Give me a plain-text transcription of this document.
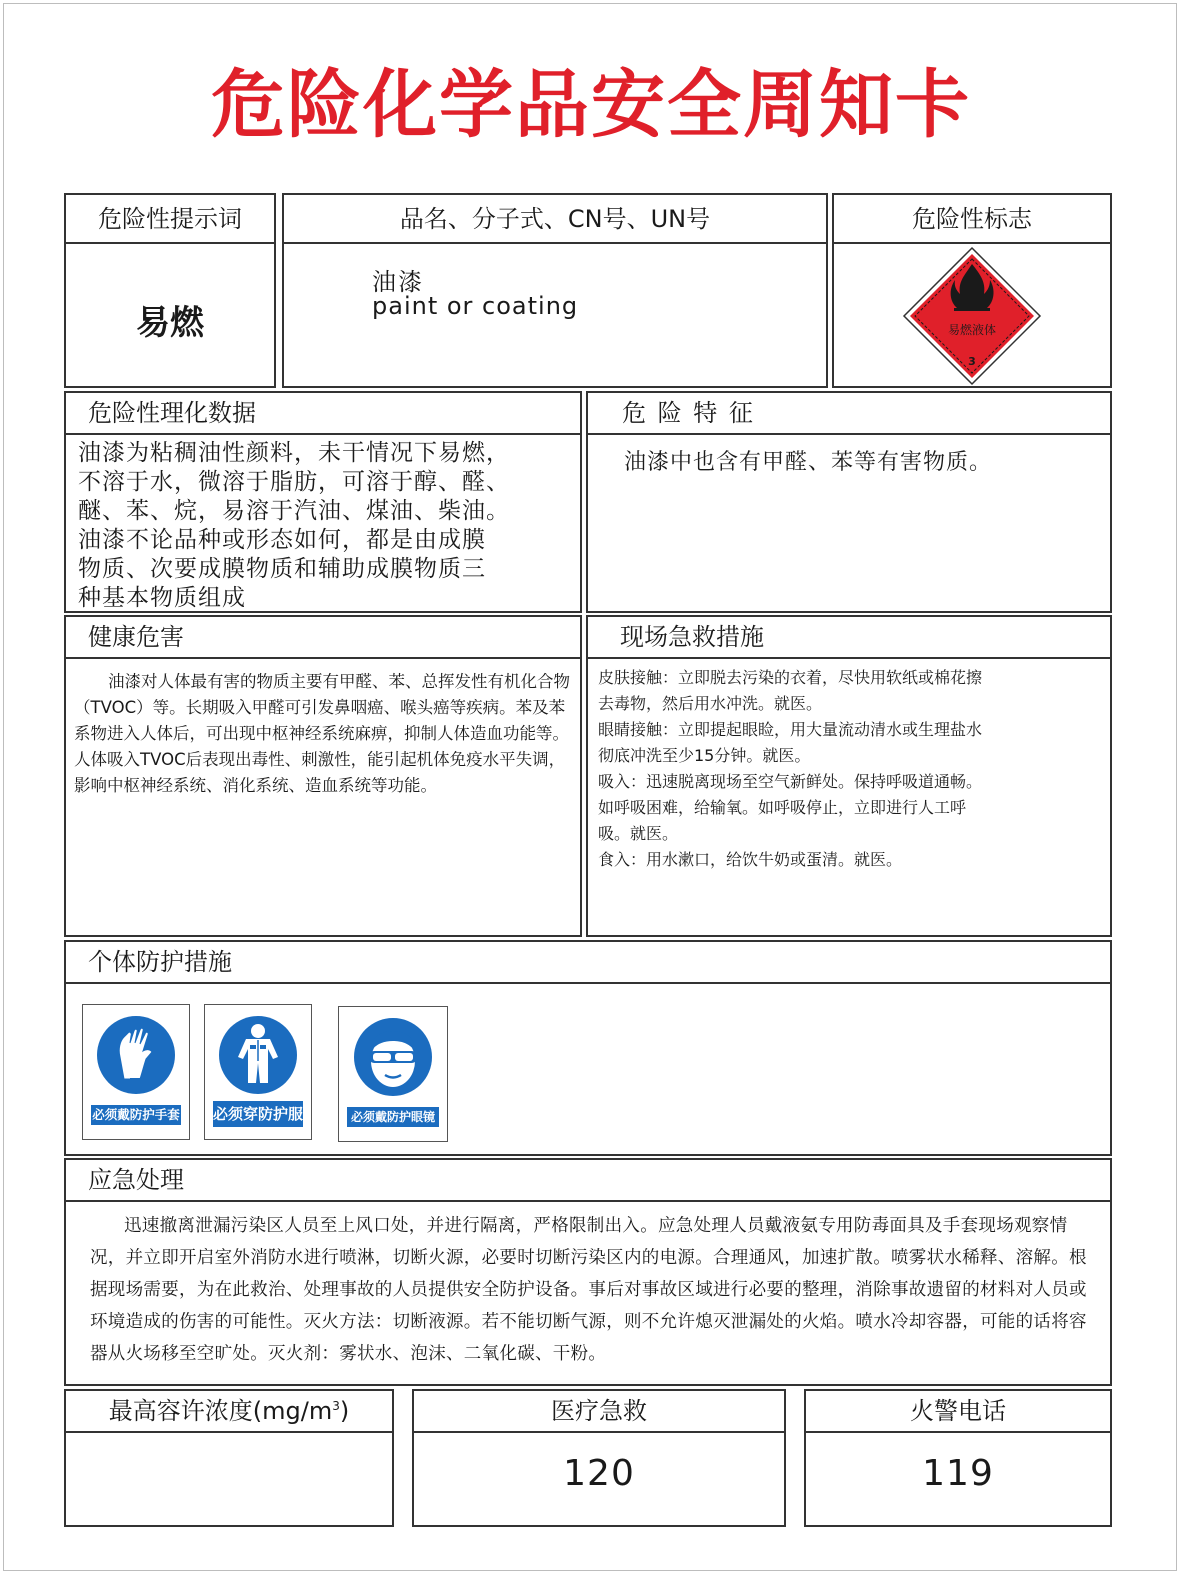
危险化学品安全周知卡
危险性提示词
易燃
品名、分子式、CN号、UN号
油漆
paint or coating
危险性标志
易燃液体
3
危险性理化数据
油漆为粘稠油性颜料，未干情况下易燃，
不溶于水，微溶于脂肪，可溶于醇、醛、
醚、苯、烷，易溶于汽油、煤油、柴油。
油漆不论品种或形态如何，都是由成膜
物质、次要成膜物质和辅助成膜物质三
种基本物质组成
危 险 特 征
油漆中也含有甲醛、苯等有害物质。
健康危害
油漆对人体最有害的物质主要有甲醛、苯、总挥发性有机化合物（TVOC）等。长期吸入甲醛可引发鼻咽癌、喉头癌等疾病。苯及苯系物进入人体后，可出现中枢神经系统麻痹，抑制人体造血功能等。人体吸入TVOC后表现出毒性、刺激性，能引起机体免疫水平失调，影响中枢神经系统、消化系统、造血系统等功能。
现场急救措施
皮肤接触：立即脱去污染的衣着，尽快用软纸或棉花擦
去毒物，然后用水冲洗。就医。
眼睛接触：立即提起眼睑，用大量流动清水或生理盐水
彻底冲洗至少15分钟。就医。
吸入：迅速脱离现场至空气新鲜处。保持呼吸道通畅。
如呼吸困难，给输氧。如呼吸停止，立即进行人工呼
吸。就医。
食入：用水漱口，给饮牛奶或蛋清。就医。
个体防护措施
必须戴防护手套 必须穿防护服	必须戴防护眼镜
应急处理
迅速撤离泄漏污染区人员至上风口处，并进行隔离，严格限制出入。应急处理人员戴液氨专用防毒面具及手套现场观察情况，并立即开启室外消防水进行喷淋，切断火源，必要时切断污染区内的电源。合理通风，加速扩散。喷雾状水稀释、溶解。根据现场需要，为在此救治、处理事故的人员提供安全防护设备。事后对事故区域进行必要的整理，消除事故遗留的材料对人员或环境造成的伤害的可能性。灭火方法：切断液源。若不能切断气源，则不允许熄灭泄漏处的火焰。喷水冷却容器，可能的话将容器从火场移至空旷处。灭火剂：雾状水、泡沫、二氧化碳、干粉。
最高容许浓度$(mg/m^3)$	医疗急救
120
火警电话
119
